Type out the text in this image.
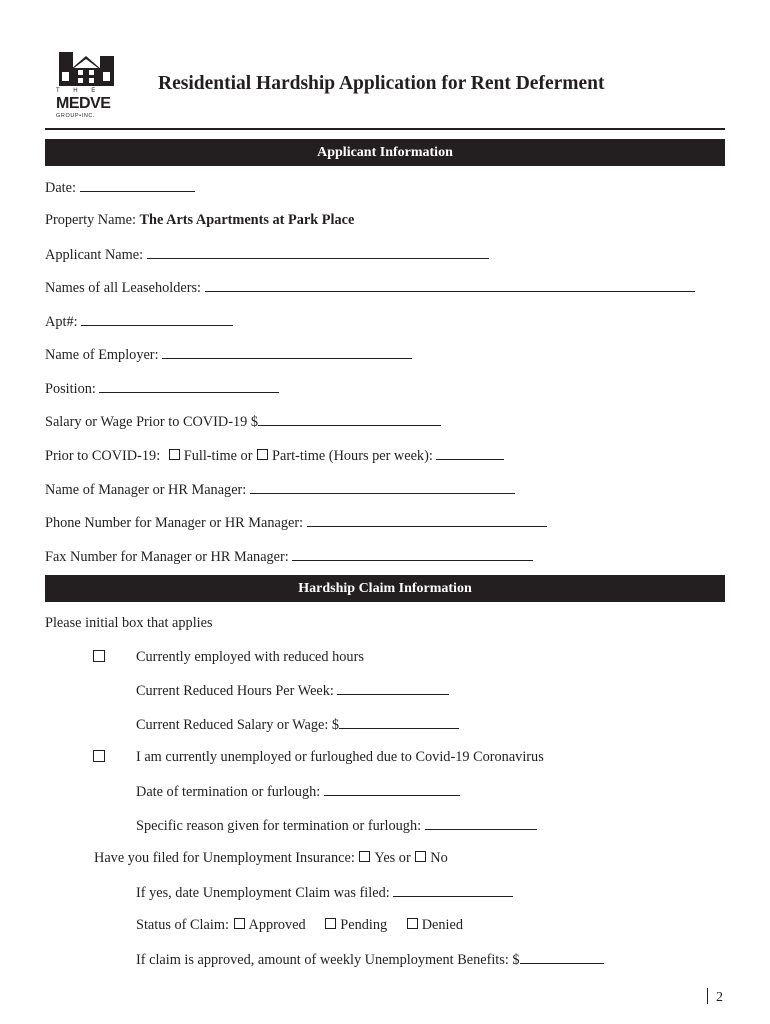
T H E
MEDVE
GROUP•INC.
Residential Hardship Application for Rent Deferment
Applicant Information
Date:
Property Name: The Arts Apartments at Park Place
Applicant Name:
Names of all Leaseholders:
Apt#:
Name of Employer:
Position:
Salary or Wage Prior to COVID-19 $
Prior to COVID-19: Full-time or Part-time (Hours per week):
Name of Manager or HR Manager:
Phone Number for Manager or HR Manager:
Fax Number for Manager or HR Manager:
Hardship Claim Information
Please initial box that applies
Currently employed with reduced hours
Current Reduced Hours Per Week:
Current Reduced Salary or Wage: $
I am currently unemployed or furloughed due to Covid-19 Coronavirus
Date of termination or furlough:
Specific reason given for termination or furlough:
Have you filed for Unemployment Insurance: Yes or No
If yes, date Unemployment Claim was filed:
Status of Claim: Approved Pending Denied
If claim is approved, amount of weekly Unemployment Benefits: $
2
